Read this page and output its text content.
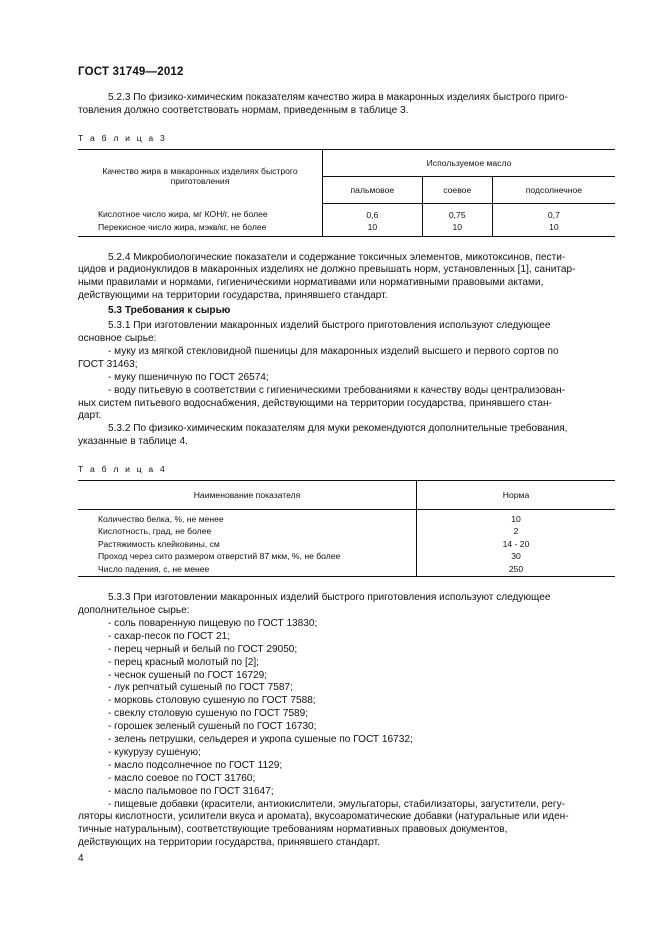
ГОСТ 31749—2012

5.2.3 По физико-химическим показателям качество жира в макаронных изделиях быстрого приго-
товления должно соответствовать нормам, приведенным в таблице 3.

Т а б л и ц а 3

Качество жира в макаронных изделиях быстрого
приготовления	Используемое масло		
	пальмовое	соевое	подсолнечное
Кислотное число жира, мг КОН/г, не более	0,6	0,75	0,7
Перекисное число жира, мэкв/кг, не более	10	10	10

5.2.4 Микробиологические показатели и содержание токсичных элементов, микотоксинов, пести-
цидов и радионуклидов в макаронных изделиях не должно превышать норм, установленных [1], санитар-
ными правилами и нормами, гигиеническими нормативами или нормативными правовыми актами,
действующими на территории государства, принявшего стандарт.

5.3 Требования к сырью

5.3.1 При изготовлении макаронных изделий быстрого приготовления используют следующее
основное сырье:

- муку из мягкой стекловидной пшеницы для макаронных изделий высшего и первого сортов по
ГОСТ 31463;
- муку пшеничную по ГОСТ 26574;
- воду питьевую в соответствии с гигиеническими требованиями к качеству воды централизован-
ных систем питьевого водоснабжения, действующими на территории государства, принявшего стан-
дарт.

5.3.2 По физико-химическим показателям для муки рекомендуются дополнительные требования,
указанные в таблице 4.

Т а б л и ц а 4

Наименование показателя	Норма
Количество белка, %, не менее	10
Кислотность, град, не более	2
Растяжимость клейковины, см	14 - 20
Проход через сито размером отверстий 87 мкм, %, не более	30
Число падения, с, не менее	250

5.3.3 При изготовлении макаронных изделий быстрого приготовления используют следующее
дополнительное сырье:

- соль поваренную пищевую по ГОСТ 13830;
- сахар-песок по ГОСТ 21;
- перец черный и белый по ГОСТ 29050;
- перец красный молотый по [2];
- чеснок сушеный по ГОСТ 16729;
- лук репчатый сушеный по ГОСТ 7587;
- морковь столовую сушеную по ГОСТ 7588;
- свеклу столовую сушеную по ГОСТ 7589;
- горошек зеленый сушеный по ГОСТ 16730;
- зелень петрушки, сельдерея и укропа сушеные по ГОСТ 16732;
- кукурузу сушеную;
- масло подсолнечное по ГОСТ 1129;
- масло соевое по ГОСТ 31760;
- масло пальмовое по ГОСТ 31647;

- пищевые добавки (красители, антиокислители, эмульгаторы, стабилизаторы, загустители, регу-
ляторы кислотности, усилители вкуса и аромата), вкусоароматические добавки (натуральные или иден-
тичные натуральным), соответствующие требованиям нормативных правовых документов,
действующих на территории государства, принявшего стандарт.

4
